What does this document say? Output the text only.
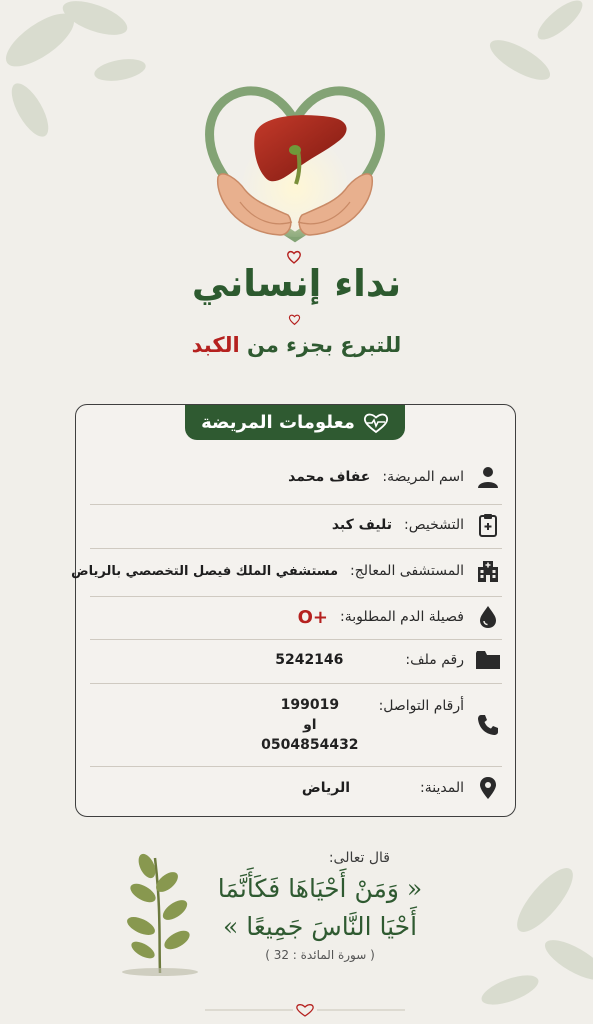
نداء إنساني
للتبرع بجزء من الكبد
معلومات المريضة
اسم المريضة:
عفاف محمد
التشخيص:
تليف كبد
المستشفى المعالج:
مستشفي الملك فيصل التخصصي بالرياض
فصيلة الدم المطلوبة:
O+
رقم ملف:
5242146
أرقام التواصل:
199019
او
0504854432
المدينة:
الرياض
قال تعالى:
« وَمَنْ أَحْيَاهَا فَكَأَنَّمَا
أَحْيَا النَّاسَ جَمِيعًا »
( سورة المائدة : 32 )
